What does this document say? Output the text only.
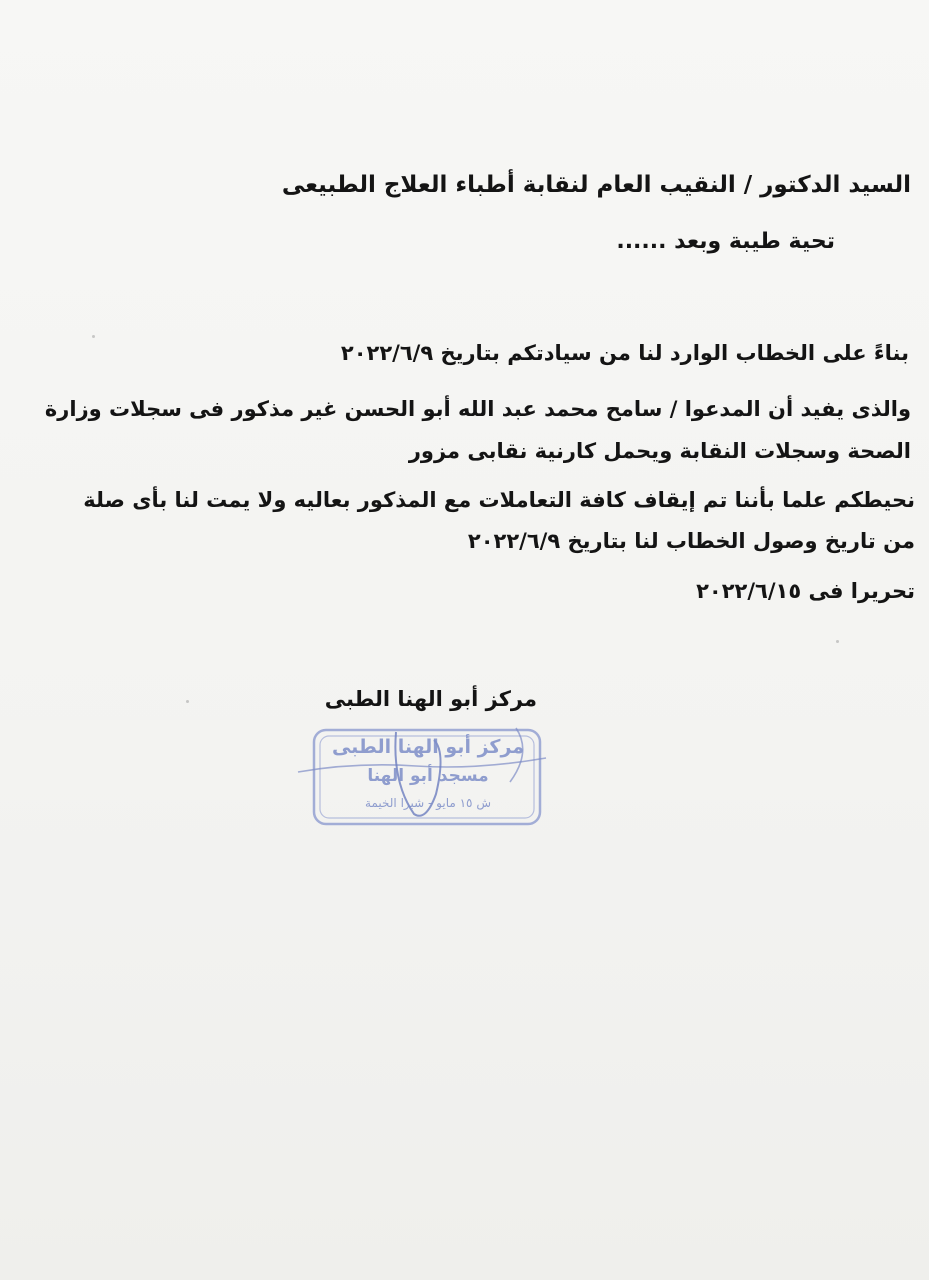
السيد الدكتور / النقيب العام لنقابة أطباء العلاج الطبيعى
تحية طيبة وبعد ......
بناءً على الخطاب الوارد لنا من سيادتكم بتاريخ ٢٠٢٢/٦/٩
والذى يفيد أن المدعوا / سامح محمد عبد الله أبو الحسن غير مذكور فى سجلات وزارة
الصحة وسجلات النقابة ويحمل كارنية نقابى مزور
نحيطكم علما بأننا تم إيقاف كافة التعاملات مع المذكور بعاليه ولا يمت لنا بأى صلة
من تاريخ وصول الخطاب لنا بتاريخ ٢٠٢٢/٦/٩
تحريرا فى ٢٠٢٢/٦/١٥
مركز أبو الهنا الطبى
مركز أبو الهنا الطبى
مسجد أبو الهنا
ش ١٥ مايو - شبرا الخيمة
